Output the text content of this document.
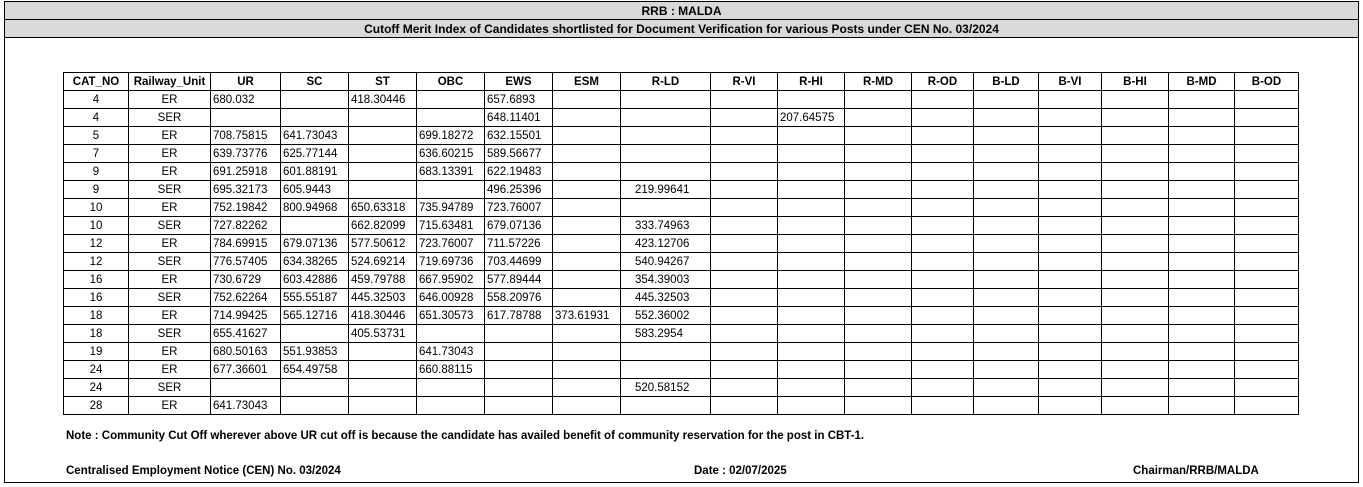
RRB : MALDA
Cutoff Merit Index of Candidates shortlisted for Document Verification for various Posts under CEN No. 03/2024
CAT_NO	Railway_Unit	UR	SC	ST	OBC	EWS	ESM	R-LD	R-VI	R-HI	R-MD	R-OD	B-LD	B-VI	B-HI	B-MD	B-OD
4	ER	680.032		418.30446		657.6893											
4	SER					648.11401				207.64575							
5	ER	708.75815	641.73043		699.18272	632.15501											
7	ER	639.73776	625.77144		636.60215	589.56677											
9	ER	691.25918	601.88191		683.13391	622.19483											
9	SER	695.32173	605.9443			496.25396		219.99641									
10	ER	752.19842	800.94968	650.63318	735.94789	723.76007											
10	SER	727.82262		662.82099	715.63481	679.07136		333.74963									
12	ER	784.69915	679.07136	577.50612	723.76007	711.57226		423.12706									
12	SER	776.57405	634.38265	524.69214	719.69736	703.44699		540.94267									
16	ER	730.6729	603.42886	459.79788	667.95902	577.89444		354.39003									
16	SER	752.62264	555.55187	445.32503	646.00928	558.20976		445.32503									
18	ER	714.99425	565.12716	418.30446	651.30573	617.78788	373.61931	552.36002									
18	SER	655.41627		405.53731				583.2954									
19	ER	680.50163	551.93853		641.73043												
24	ER	677.36601	654.49758		660.88115												
24	SER							520.58152									
28	ER	641.73043															
Note : Community Cut Off wherever above UR cut off is because the candidate has availed benefit of community reservation for the post in CBT-1.
Centralised Employment Notice (CEN) No. 03/2024	Date : 02/07/2025	Chairman/RRB/MALDA
